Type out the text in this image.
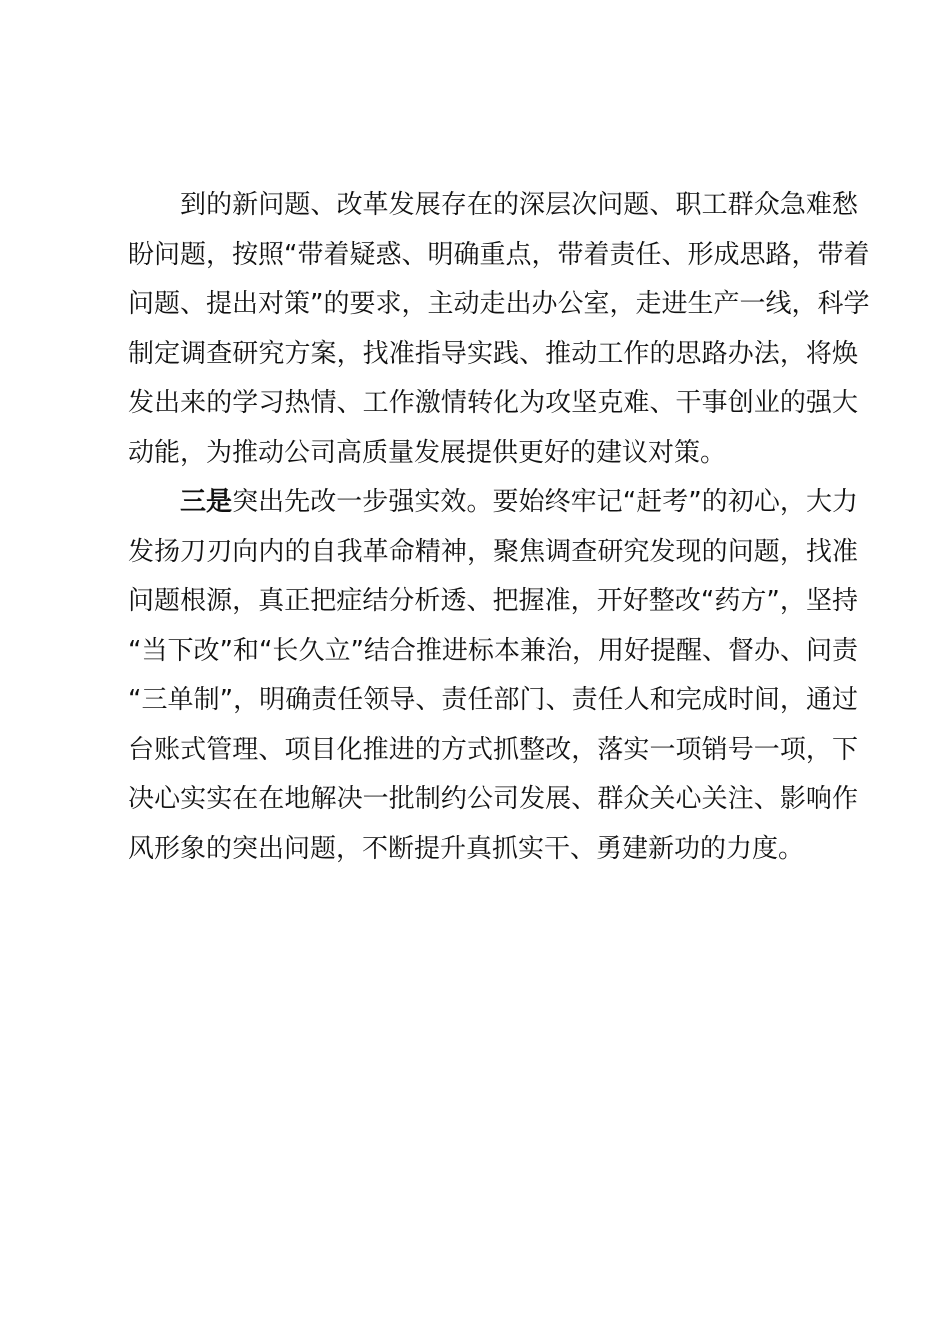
到的新问题、改革发展存在的深层次问题、职工群众急难愁
盼问题，按照“带着疑惑、明确重点，带着责任、形成思路，带着
问题、提出对策”的要求，主动走出办公室，走进生产一线，科学
制定调查研究方案，找准指导实践、推动工作的思路办法，将焕
发出来的学习热情、工作激情转化为攻坚克难、干事创业的强大
动能，为推动公司高质量发展提供更好的建议对策。
三是突出先改一步强实效。要始终牢记“赶考”的初心，大力
发扬刀刃向内的自我革命精神，聚焦调查研究发现的问题，找准
问题根源，真正把症结分析透、把握准，开好整改“药方”，坚持
“当下改”和“长久立”结合推进标本兼治，用好提醒、督办、问责
“三单制”，明确责任领导、责任部门、责任人和完成时间，通过
台账式管理、项目化推进的方式抓整改，落实一项销号一项，下
决心实实在在地解决一批制约公司发展、群众关心关注、影响作
风形象的突出问题，不断提升真抓实干、勇建新功的力度。
